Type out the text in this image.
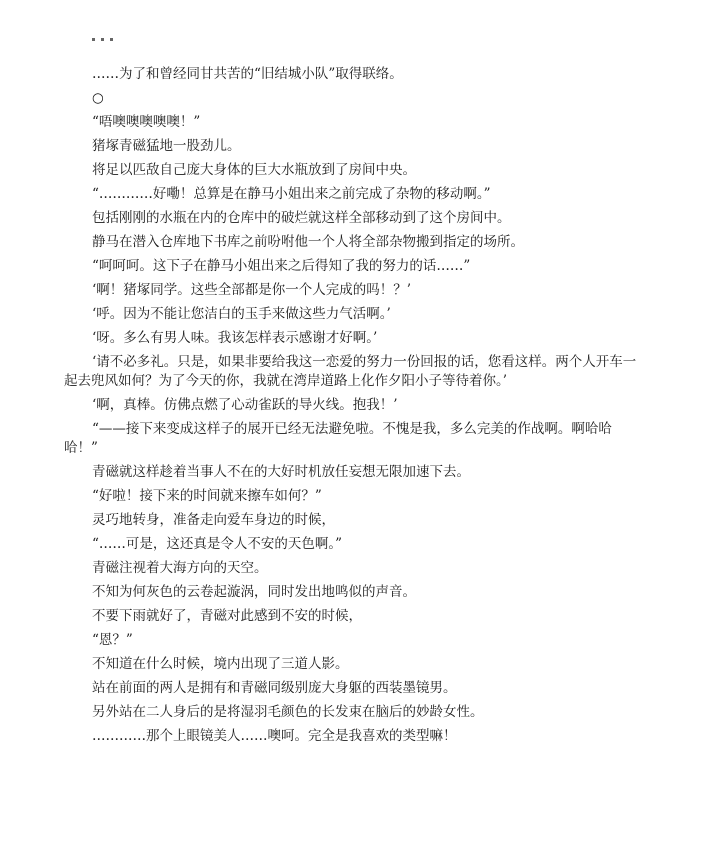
……为了和曾经同甘共苦的“旧结城小队”取得联络。

○

“唔噢噢噢噢噢！”

猪塚青磁猛地一股劲儿。

将足以匹敌自己庞大身体的巨大水瓶放到了房间中央。

“…………好嘞！总算是在静马小姐出来之前完成了杂物的移动啊。”

包括刚刚的水瓶在内的仓库中的破烂就这样全部移动到了这个房间中。

静马在潜入仓库地下书库之前吩咐他一个人将全部杂物搬到指定的场所。

“呵呵呵。这下子在静马小姐出来之后得知了我的努力的话……”

‘啊！猪塚同学。这些全部都是你一个人完成的吗！？’

‘呼。因为不能让您洁白的玉手来做这些力气活啊。’

‘呀。多么有男人味。我该怎样表示感谢才好啊。’

‘请不必多礼。只是，如果非要给我这一恋爱的努力一份回报的话，您看这样。两个人开车一起去兜风如何？为了今天的你，我就在湾岸道路上化作夕阳小子等待着你。’

‘啊，真棒。仿佛点燃了心动雀跃的导火线。抱我！’

“——接下来变成这样子的展开已经无法避免啦。不愧是我，多么完美的作战啊。啊哈哈哈！”

青磁就这样趁着当事人不在的大好时机放任妄想无限加速下去。

“好啦！接下来的时间就来擦车如何？”

灵巧地转身，准备走向爱车身边的时候，

“……可是，这还真是令人不安的天色啊。”

青磁注视着大海方向的天空。

不知为何灰色的云卷起漩涡，同时发出地鸣似的声音。

不要下雨就好了，青磁对此感到不安的时候，

“恩？”

不知道在什么时候，境内出现了三道人影。

站在前面的两人是拥有和青磁同级别庞大身躯的西装墨镜男。

另外站在二人身后的是将湿羽毛颜色的长发束在脑后的妙龄女性。

…………那个上眼镜美人……噢呵。完全是我喜欢的类型嘛！
